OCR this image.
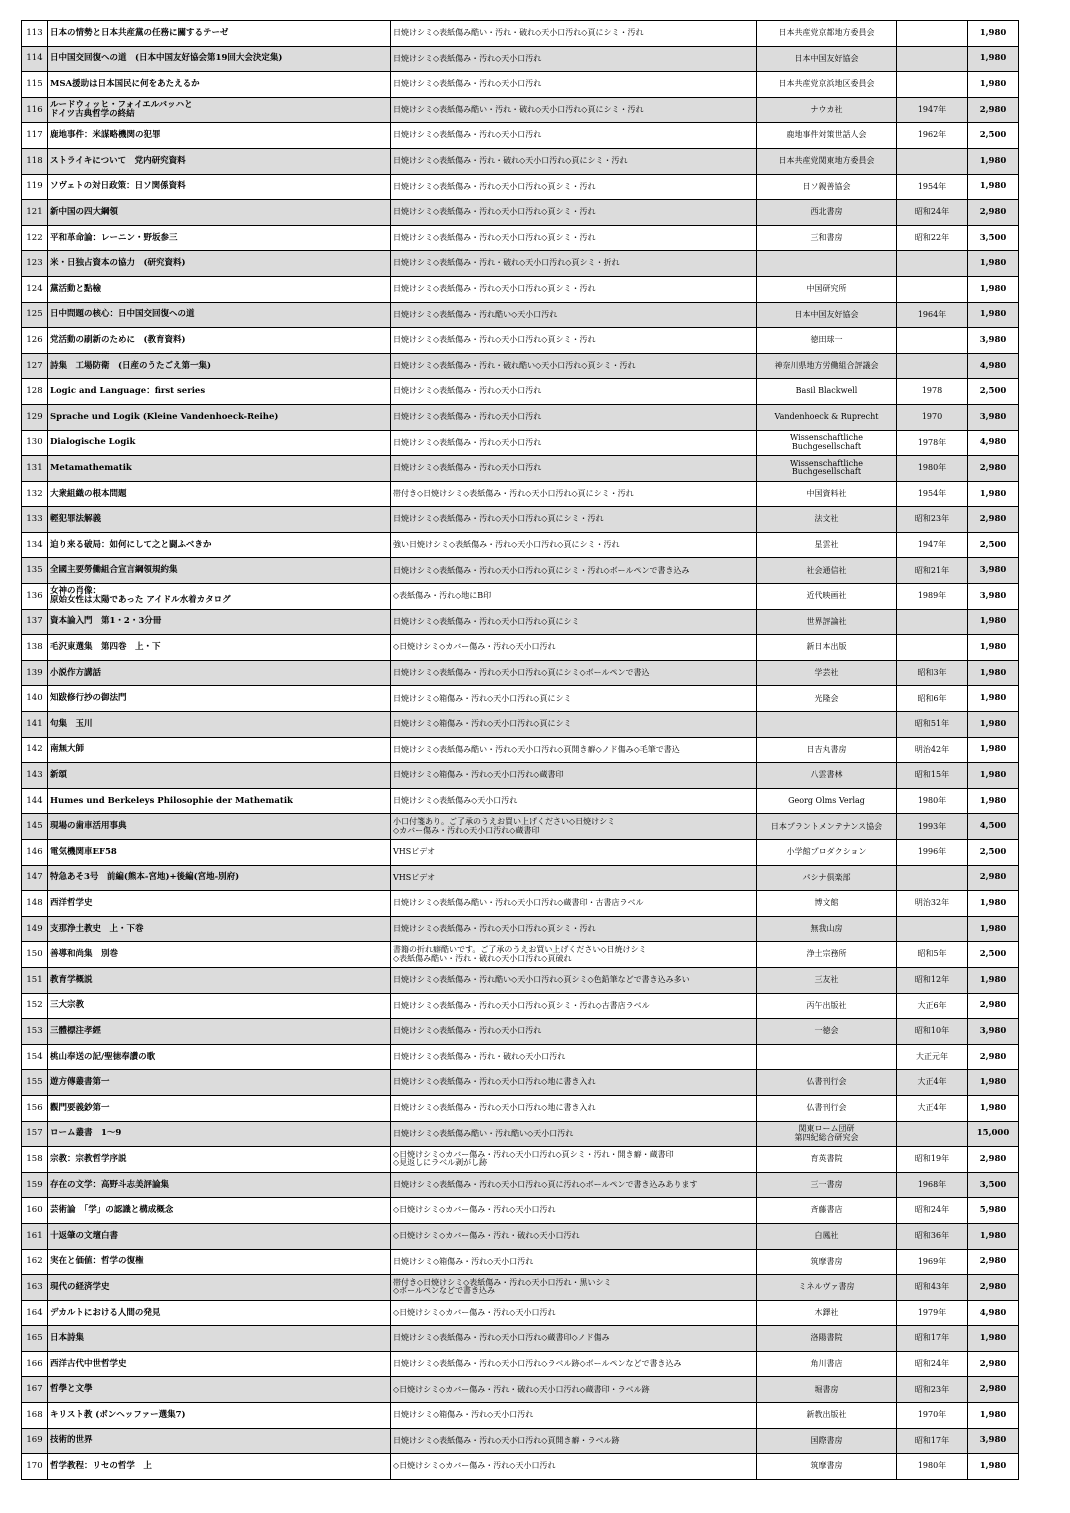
113	日本の情勢と日本共産黨の任務に關するテーゼ	日焼けシミ◇表紙傷み酷い・汚れ・破れ◇天小口汚れ◇頁にシミ・汚れ	日本共産党京都地方委員会		1,980
114	日中国交回復への道　(日本中国友好協会第19回大会決定集)	日焼けシミ◇表紙傷み・汚れ◇天小口汚れ	日本中国友好協会		1,980
115	MSA援助は日本国民に何をあたえるか	日焼けシミ◇表紙傷み・汚れ◇天小口汚れ	日本共産党京浜地区委員会		1,980
116	ルードウィッヒ・フォイエルバッハと
ドイツ古典哲学の終結	日焼けシミ◇表紙傷み酷い・汚れ・破れ◇天小口汚れ◇頁にシミ・汚れ	ナウカ社	1947年	2,980
117	鹿地事件：米謀略機関の犯罪	日焼けシミ◇表紙傷み・汚れ◇天小口汚れ	鹿地事件対策世話人会	1962年	2,500
118	ストライキについて　党内研究資料	日焼けシミ◇表紙傷み・汚れ・破れ◇天小口汚れ◇頁にシミ・汚れ	日本共産党関東地方委員会		1,980
119	ソヴェトの対日政策：日ソ関係資料	日焼けシミ◇表紙傷み・汚れ◇天小口汚れ◇頁シミ・汚れ	日ソ親善協会	1954年	1,980
121	新中国の四大綱領	日焼けシミ◇表紙傷み・汚れ◇天小口汚れ◇頁シミ・汚れ	西北書房	昭和24年	2,980
122	平和革命論：レーニン・野坂参三	日焼けシミ◇表紙傷み・汚れ◇天小口汚れ◇頁シミ・汚れ	三和書房	昭和22年	3,500
123	米・日独占資本の協力　(研究資料)	日焼けシミ◇表紙傷み・汚れ・破れ◇天小口汚れ◇頁シミ・折れ			1,980
124	黨活動と點檢	日焼けシミ◇表紙傷み・汚れ◇天小口汚れ◇頁シミ・汚れ	中国研究所		1,980
125	日中問題の核心：日中国交回復への道	日焼けシミ◇表紙傷み・汚れ酷い◇天小口汚れ	日本中国友好協会	1964年	1,980
126	党活動の刷新のために　(教育資料)	日焼けシミ◇表紙傷み・汚れ◇天小口汚れ◇頁シミ・汚れ	徳田球一		3,980
127	詩集　工場防衛　(日産のうたごえ第一集)	日焼けシミ◇表紙傷み・汚れ・破れ酷い◇天小口汚れ◇頁シミ・汚れ	神奈川県地方労働組合評議会		4,980
128	Logic and Language：first series	日焼けシミ◇表紙傷み・汚れ◇天小口汚れ	Basil Blackwell	1978	2,500
129	Sprache und Logik (Kleine Vandenhoeck-Reihe)	日焼けシミ◇表紙傷み・汚れ◇天小口汚れ	Vandenhoeck & Ruprecht	1970	3,980
130	Dialogische Logik	日焼けシミ◇表紙傷み・汚れ◇天小口汚れ	Wissenschaftliche
Buchgesellschaft	1978年	4,980
131	Metamathematik	日焼けシミ◇表紙傷み・汚れ◇天小口汚れ	Wissenschaftliche
Buchgesellschaft	1980年	2,980
132	大衆組織の根本問題	帯付き◇日焼けシミ◇表紙傷み・汚れ◇天小口汚れ◇頁にシミ・汚れ	中国資料社	1954年	1,980
133	輕犯罪法解義	日焼けシミ◇表紙傷み・汚れ◇天小口汚れ◇頁にシミ・汚れ	法文社	昭和23年	2,980
134	迫り来る破局：如何にして之と闘ふべきか	強い日焼けシミ◇表紙傷み・汚れ◇天小口汚れ◇頁にシミ・汚れ	星雲社	1947年	2,500
135	全國主要勞働組合宣言綱領規約集	日焼けシミ◇表紙傷み・汚れ◇天小口汚れ◇頁にシミ・汚れ◇ボールペンで書き込み	社会通信社	昭和21年	3,980
136	女神の肖像：
原始女性は太陽であった アイドル水着カタログ	◇表紙傷み・汚れ◇地にB印	近代映画社	1989年	3,980
137	資本論入門　第1・2・3分冊	日焼けシミ◇表紙傷み・汚れ◇天小口汚れ◇頁にシミ	世界評論社		1,980
138	毛沢東選集　第四巻　上・下	◇日焼けシミ◇カバー傷み・汚れ◇天小口汚れ	新日本出版		1,980
139	小説作方講話	日焼けシミ◇表紙傷み・汚れ◇天小口汚れ◇頁にシミ◇ボールペンで書込	学芸社	昭和3年	1,980
140	知跋修行抄の御法門	日焼けシミ◇箱傷み・汚れ◇天小口汚れ◇頁にシミ	光隆会	昭和6年	1,980
141	句集　玉川	日焼けシミ◇箱傷み・汚れ◇天小口汚れ◇頁にシミ		昭和51年	1,980
142	南無大師	日焼けシミ◇表紙傷み酷い・汚れ◇天小口汚れ◇頁開き癖◇ノド傷み◇毛筆で書込	日吉丸書房	明治42年	1,980
143	新頌	日焼けシミ◇箱傷み・汚れ◇天小口汚れ◇蔵書印	八雲書林	昭和15年	1,980
144	Humes und Berkeleys Philosophie der Mathematik	日焼けシミ◇表紙傷み◇天小口汚れ	Georg Olms Verlag	1980年	1,980
145	現場の歯車活用事典	小口付箋あり。ご了承のうえお買い上げください◇日焼けシミ
◇カバー傷み・汚れ◇天小口汚れ◇蔵書印	日本プラントメンテナンス協会	1993年	4,500
146	電気機関車EF58	VHSビデオ	小学館プロダクション	1996年	2,500
147	特急あそ3号　前編(熊本-宮地)+後編(宮地-別府)	VHSビデオ	パシナ倶楽部		2,980
148	西洋哲学史	日焼けシミ◇表紙傷み酷い・汚れ◇天小口汚れ◇蔵書印・古書店ラベル	博文館	明治32年	1,980
149	支那浄土教史　上・下巻	日焼けシミ◇表紙傷み・汚れ◇天小口汚れ◇頁シミ・汚れ	無我山房		1,980
150	善導和尚集　別巻	書籍の折れ癖酷いです。ご了承のうえお買い上げください◇日焼けシミ
◇表紙傷み酷い・汚れ・破れ◇天小口汚れ◇頁破れ	浄土宗務所	昭和5年	2,500
151	教育学概説	日焼けシミ◇表紙傷み・汚れ酷い◇天小口汚れ◇頁シミ◇色鉛筆などで書き込み多い	三友社	昭和12年	1,980
152	三大宗教	日焼けシミ◇表紙傷み・汚れ◇天小口汚れ◇頁シミ・汚れ◇古書店ラベル	丙午出版社	大正6年	2,980
153	三體標注孝經	日焼けシミ◇表紙傷み・汚れ◇天小口汚れ	一徳会	昭和10年	3,980
154	桃山奉送の記/聖徳奉讚の歌	日焼けシミ◇表紙傷み・汚れ・破れ◇天小口汚れ		大正元年	2,980
155	遊方傳叢書第一	日焼けシミ◇表紙傷み・汚れ◇天小口汚れ◇地に書き入れ	仏書刊行会	大正4年	1,980
156	觀門要義鈔第一	日焼けシミ◇表紙傷み・汚れ◇天小口汚れ◇地に書き入れ	仏書刊行会	大正4年	1,980
157	ローム叢書　1～9	日焼けシミ◇表紙傷み酷い・汚れ酷い◇天小口汚れ	関東ローム団研
第四紀総合研究会		15,000
158	宗教：宗教哲学序説	◇日焼けシミ◇カバー傷み・汚れ◇天小口汚れ◇頁シミ・汚れ・開き癖・蔵書印
◇見返しにラベル剥がし跡	育英書院	昭和19年	2,980
159	存在の文学：高野斗志美評論集	日焼けシミ◇表紙傷み・汚れ◇天小口汚れ◇頁に汚れ◇ボールペンで書き込みあります	三一書房	1968年	3,500
160	芸術論　「学」の認識と構成概念	◇日焼けシミ◇カバー傷み・汚れ◇天小口汚れ	斉藤書店	昭和24年	5,980
161	十返肇の文壇白書	◇日焼けシミ◇カバー傷み・汚れ・破れ◇天小口汚れ	白鳳社	昭和36年	1,980
162	実在と価値：哲学の復権	日焼けシミ◇箱傷み・汚れ◇天小口汚れ	筑摩書房	1969年	2,980
163	現代の経済学史	帯付き◇日焼けシミ◇表紙傷み・汚れ◇天小口汚れ・黒いシミ
◇ボールペンなどで書き込み	ミネルヴァ書房	昭和43年	2,980
164	デカルトにおける人間の発見	◇日焼けシミ◇カバー傷み・汚れ◇天小口汚れ	木鐸社	1979年	4,980
165	日本詩集	日焼けシミ◇表紙傷み・汚れ◇天小口汚れ◇蔵書印◇ノド傷み	洛陽書院	昭和17年	1,980
166	西洋古代中世哲学史	日焼けシミ◇表紙傷み・汚れ◇天小口汚れ◇ラベル跡◇ボールペンなどで書き込み	角川書店	昭和24年	2,980
167	哲學と文學	◇日焼けシミ◇カバー傷み・汚れ・破れ◇天小口汚れ◇蔵書印・ラベル跡	堀書房	昭和23年	2,980
168	キリスト教 (ボンヘッファー選集7)	日焼けシミ◇箱傷み・汚れ◇天小口汚れ	新教出版社	1970年	1,980
169	技術的世界	日焼けシミ◇表紙傷み・汚れ◇天小口汚れ◇頁開き癖・ラベル跡	国際書房	昭和17年	3,980
170	哲学教程：リセの哲学　上	◇日焼けシミ◇カバー傷み・汚れ◇天小口汚れ	筑摩書房	1980年	1,980
